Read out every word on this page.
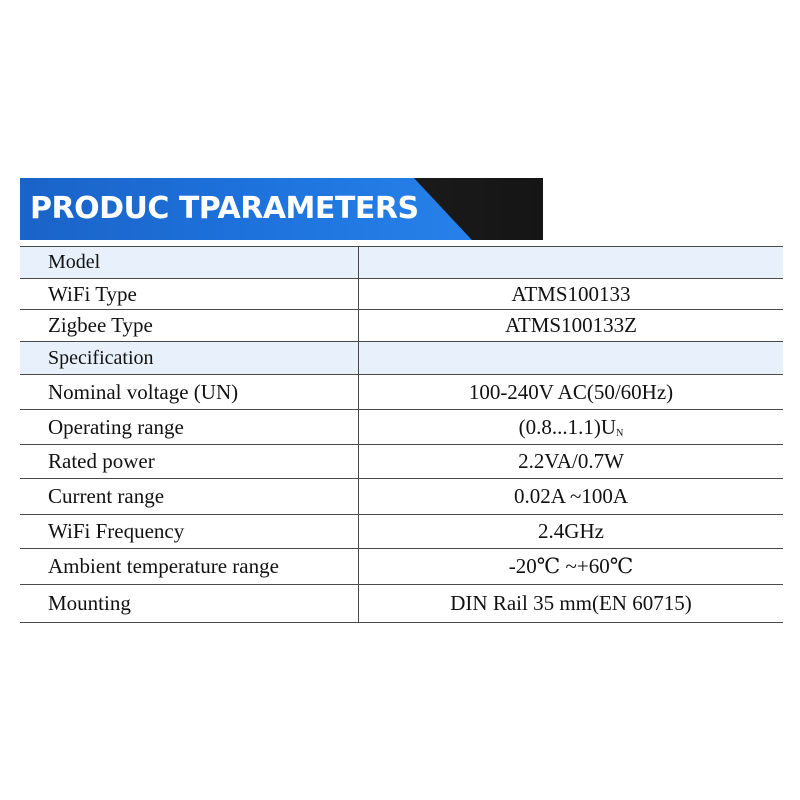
PRODUC TPARAMETERS
Model	
WiFi Type	ATMS100133
Zigbee Type	ATMS100133Z
Specification	
Nominal voltage (UN)	100-240V AC(50/60Hz)
Operating range	$(0.8...1.1)U_N$
Rated power	2.2VA/0.7W
Current range	0.02A ~100A
WiFi Frequency	2.4GHz
Ambient temperature range	-20℃ ~+60℃
Mounting	DIN Rail 35 mm(EN 60715)
